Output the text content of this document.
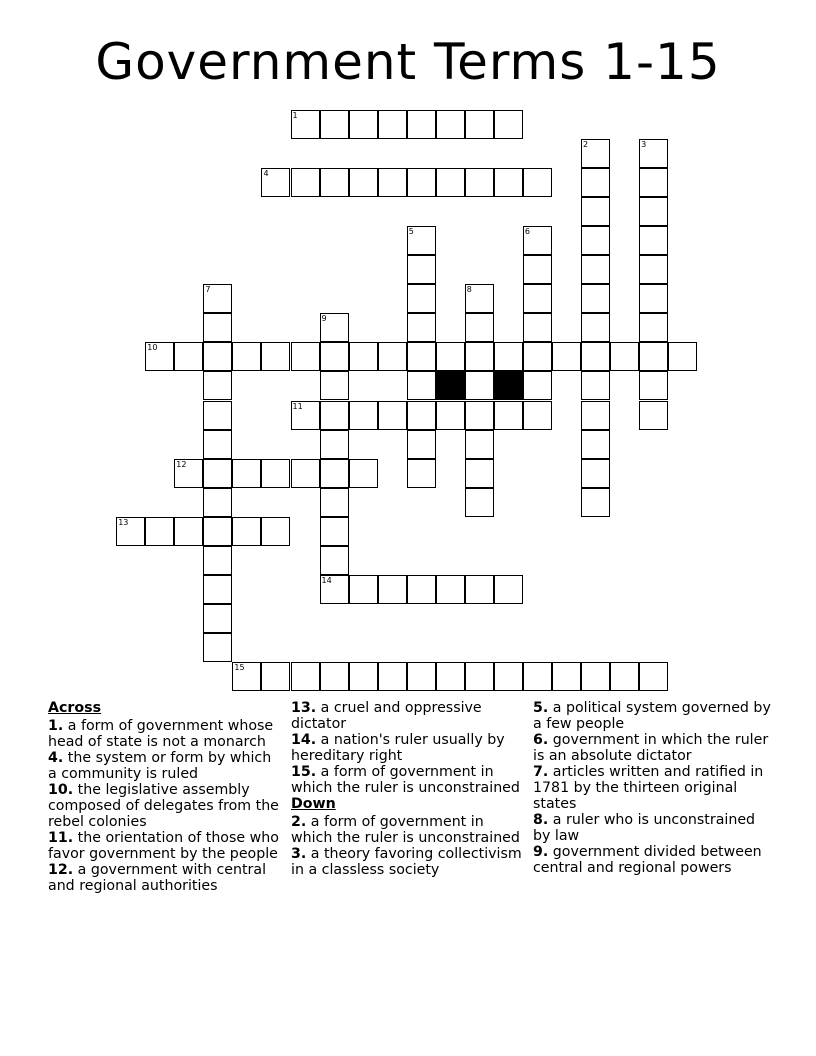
Government Terms 1-15
1
4
10
11
12
13
14
15
2	3
5	6
7	8
9
Across
1. a form of government whose head of state is not a monarch
4. the system or form by which a community is ruled
10. the legislative assembly composed of delegates from the rebel colonies
11. the orientation of those who favor government by the people
12. a government with central and regional authorities
13. a cruel and oppressive dictator
14. a nation's ruler usually by hereditary right
15. a form of government in which the ruler is unconstrained
Down
2. a form of government in which the ruler is unconstrained
3. a theory favoring collectivism in a classless society
5. a political system governed by a few people
6. government in which the ruler is an absolute dictator
7. articles written and ratified in 1781 by the thirteen original states
8. a ruler who is unconstrained by law
9. government divided between central and regional powers
